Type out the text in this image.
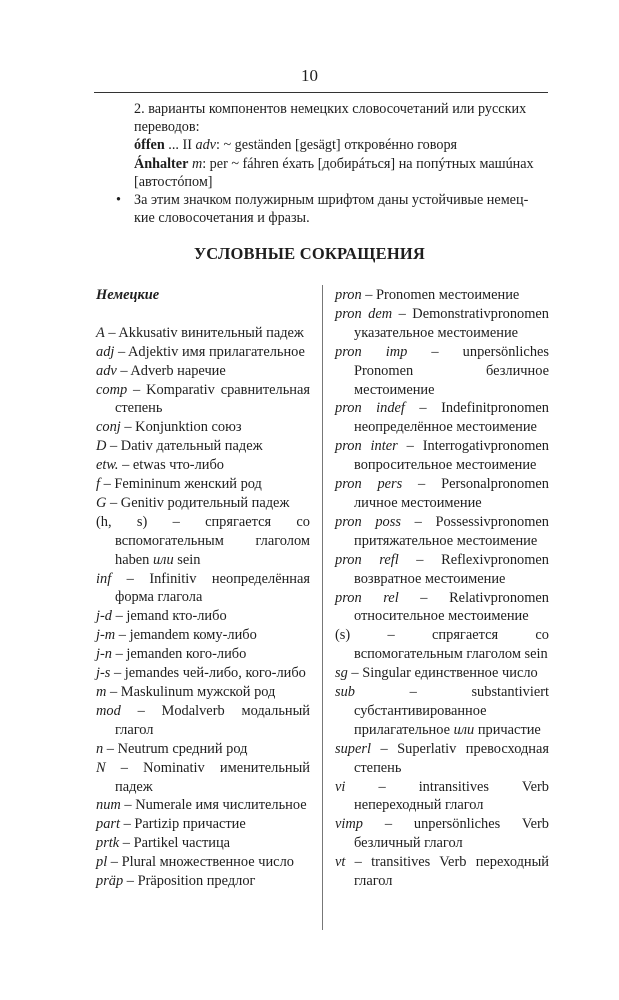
10

2. варианты компонентов немецких словосочетаний или русских
переводов:

óffen ... II adv: ~ geständen [gesägt] откровéнно говоря

Ánhalter m: per ~ fáhren éхать [добирáться] на попýтных машúнах
[автостóпом]

• За этим значком полужирным шрифтом даны устойчивые немец-
кие словосочетания и фразы.

УСЛОВНЫЕ СОКРАЩЕНИЯ

Немецкие

A – Akkusativ винительный падеж

adj – Adjektiv имя прилагательное

adv – Adverb наречие

comp – Komparativ сравнительная степень

conj – Konjunktion союз

D – Dativ дательный падеж

etw. – etwas что-либо

f – Femininum женский род

G – Genitiv родительный падеж

(h, s) – спрягается со вспомогательным глаголом haben или sein

inf – Infinitiv неопределённая форма глагола

j-d – jemand кто-либо

j-m – jemandem кому-либо

j-n – jemanden кого-либо

j-s – jemandes чей-либо, кого-либо

m – Maskulinum мужской род

mod – Modalverb модальный глагол

n – Neutrum средний род

N – Nominativ именительный падеж

num – Numerale имя числительное

part – Partizip причастие

prtk – Partikel частица

pl – Plural множественное число

präp – Präposition предлог

pron – Pronomen местоимение

pron dem – Demonstrativpronomen указательное местоимение

pron imp – unpersönliches Pronomen безличное местоимение

pron indef – Indefinitpronomen неопределённое местоимение

pron inter – Interrogativpronomen вопросительное местоимение

pron pers – Personalpronomen личное местоимение

pron poss – Possessivpronomen притяжательное местоимение

pron refl – Reflexivpronomen возвратное местоимение

pron rel – Relativpronomen относительное местоимение

(s) – спрягается со вспомогательным глаголом sein

sg – Singular единственное число

sub – substantiviert субстантивированное прилагательное или причастие

superl – Superlativ превосходная степень

vi – intransitives Verb непереходный глагол

vimp – unpersönliches Verb безличный глагол

vt – transitives Verb переходный глагол
